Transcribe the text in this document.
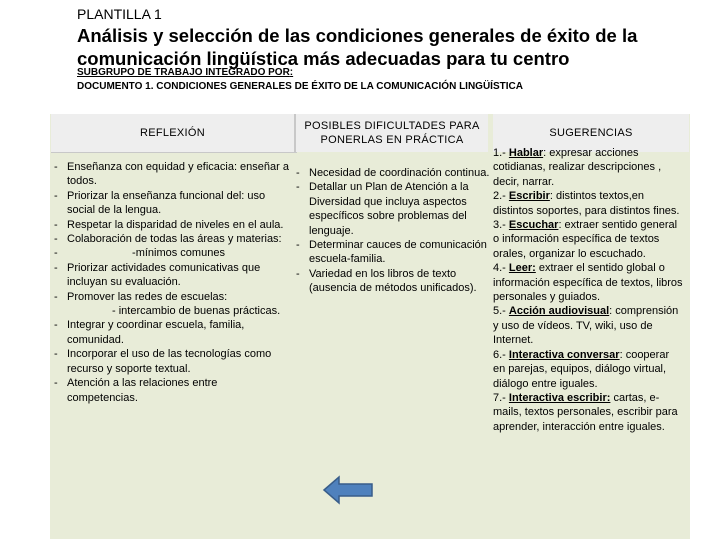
PLANTILLA 1
Análisis y selección de las condiciones generales de éxito de la comunicación lingüística más adecuadas para tu centro
SUBGRUPO DE TRABAJO INTEGRADO POR:
DOCUMENTO 1. CONDICIONES GENERALES DE ÉXITO DE LA COMUNICACIÓN LINGÜÍSTICA
REFLEXIÓN
POSIBLES DIFICULTADES PARA PONERLAS EN PRÁCTICA
SUGERENCIAS
- Enseñanza con equidad y eficacia: enseñar a todos.
- Priorizar la enseñanza funcional del: uso social de la lengua.
- Respetar la disparidad de niveles en el aula.
- Colaboración de todas las áreas y materias:
- -mínimos comunes
- Priorizar actividades comunicativas que incluyan su evaluación.
- Promover las redes de escuelas:
- intercambio de buenas prácticas.
- Integrar y coordinar escuela, familia, comunidad.
- Incorporar el uso de las tecnologías como recurso y soporte textual.
- Atención a las relaciones entre competencias.
- Necesidad de coordinación continua.
- Detallar un Plan de Atención a la Diversidad que incluya aspectos específicos sobre problemas del lenguaje.
- Determinar cauces de comunicación escuela-familia.
- Variedad en los libros de texto (ausencia de métodos unificados).
1.- Hablar: expresar acciones cotidianas, realizar descripciones , decir, narrar.
2.- Escribir: distintos textos,en distintos soportes, para distintos fines.
3.- Escuchar: extraer sentido general o información específica de textos orales, organizar lo escuchado.
4.- Leer: extraer el sentido global o información específica de textos, libros personales y guiados.
5.- Acción audiovisual: comprensión y uso de vídeos. TV, wiki, uso de Internet.
6.- Interactiva conversar: cooperar en parejas, equipos, diálogo virtual, diálogo entre iguales.
7.- Interactiva escribir: cartas, e-mails, textos personales, escribir para aprender, interacción entre iguales.
